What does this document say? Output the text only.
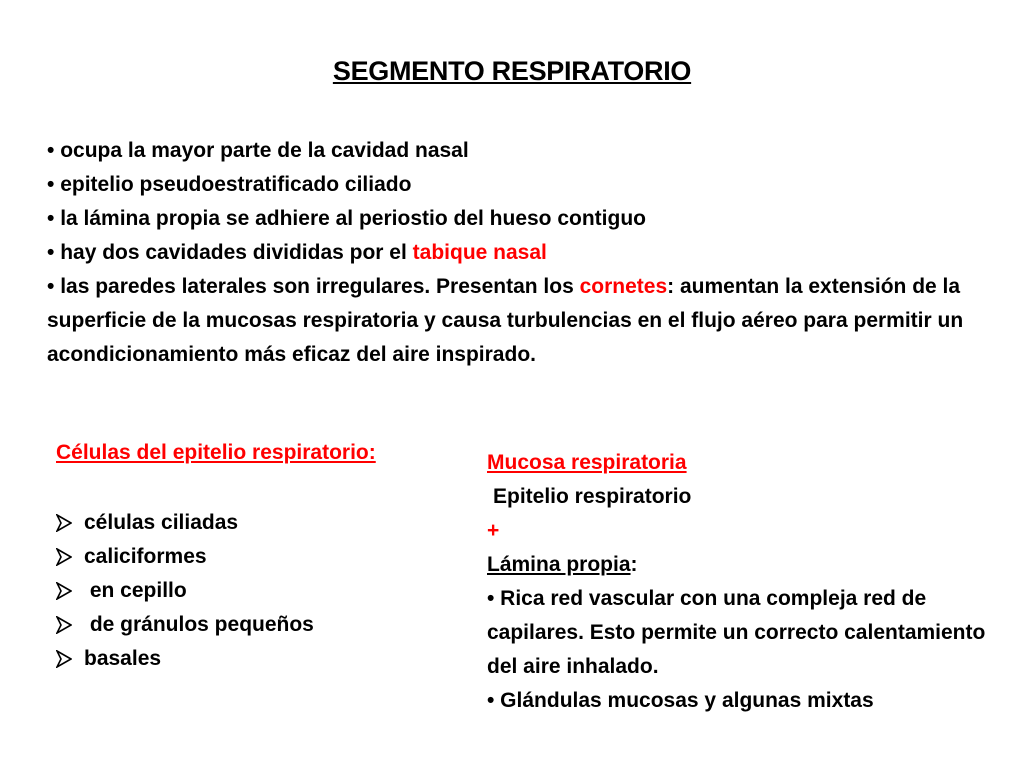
SEGMENTO RESPIRATORIO

• ocupa la mayor parte de la cavidad nasal

• epitelio pseudoestratificado ciliado

• la lámina propia se adhiere al periostio del hueso contiguo

• hay dos cavidades divididas por el tabique nasal

• las paredes laterales son irregulares. Presentan los cornetes: aumentan la extensión de la superficie de la mucosas respiratoria y causa turbulencias en el flujo aéreo para permitir un acondicionamiento más eficaz del aire inspirado.

Células del epitelio respiratorio:
células ciliadas
caliciformes
en cepillo
de gránulos pequeños
basales

Mucosa respiratoria

Epitelio respiratorio

+

Lámina propia:

• Rica red vascular con una compleja red de capilares. Esto permite un correcto calentamiento del aire inhalado.

• Glándulas mucosas y algunas mixtas
